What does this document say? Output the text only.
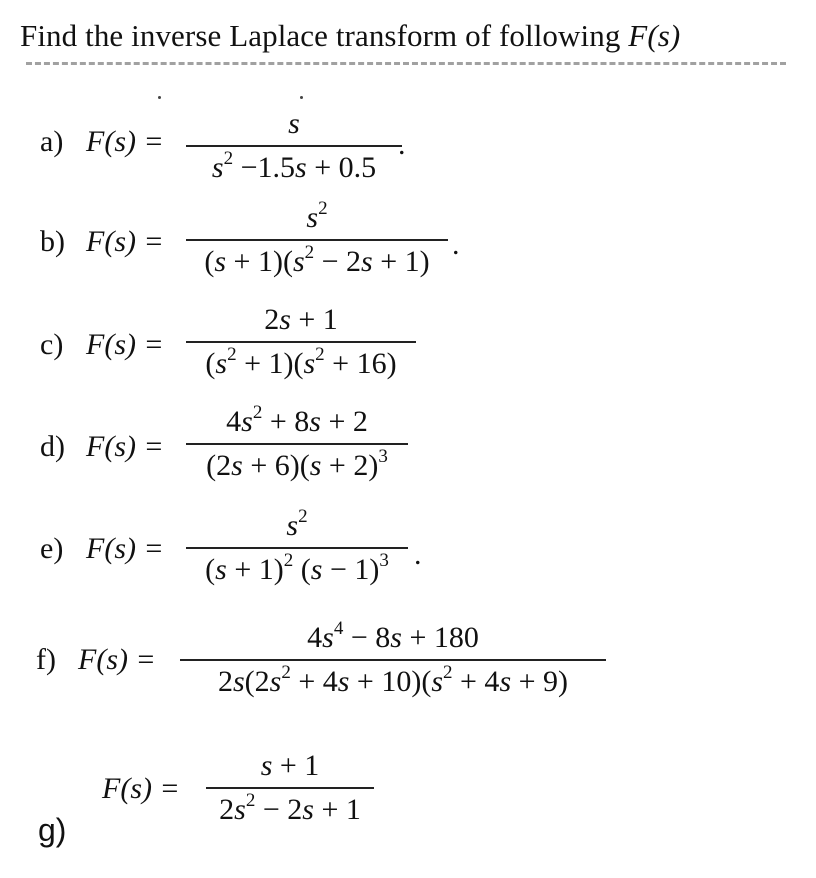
Find the inverse Laplace transform of following F(s)
a) F(s) =
s
$s^2 -1.5s + 0.5$
.
b) F(s) =
$s^2$
$(s + 1)(s^2 - 2s + 1)$
.
c) F(s) =
2s + 1
$(s^2 + 1)(s^2 + 16)$
d) F(s) =
$4s^2 + 8s + 2$
$(2s + 6)(s + 2)^3$
e) F(s) =
$s^2$
$(s + 1)^2$ $(s - 1)^3$ .
f) F(s) =
$4s^4 - 8s + 180$
$2s(2s^2 + 4s + 10)(s^2 + 4s + 9)$
g)
F(s) =
s + 1
$2s^2 - 2s + 1$
